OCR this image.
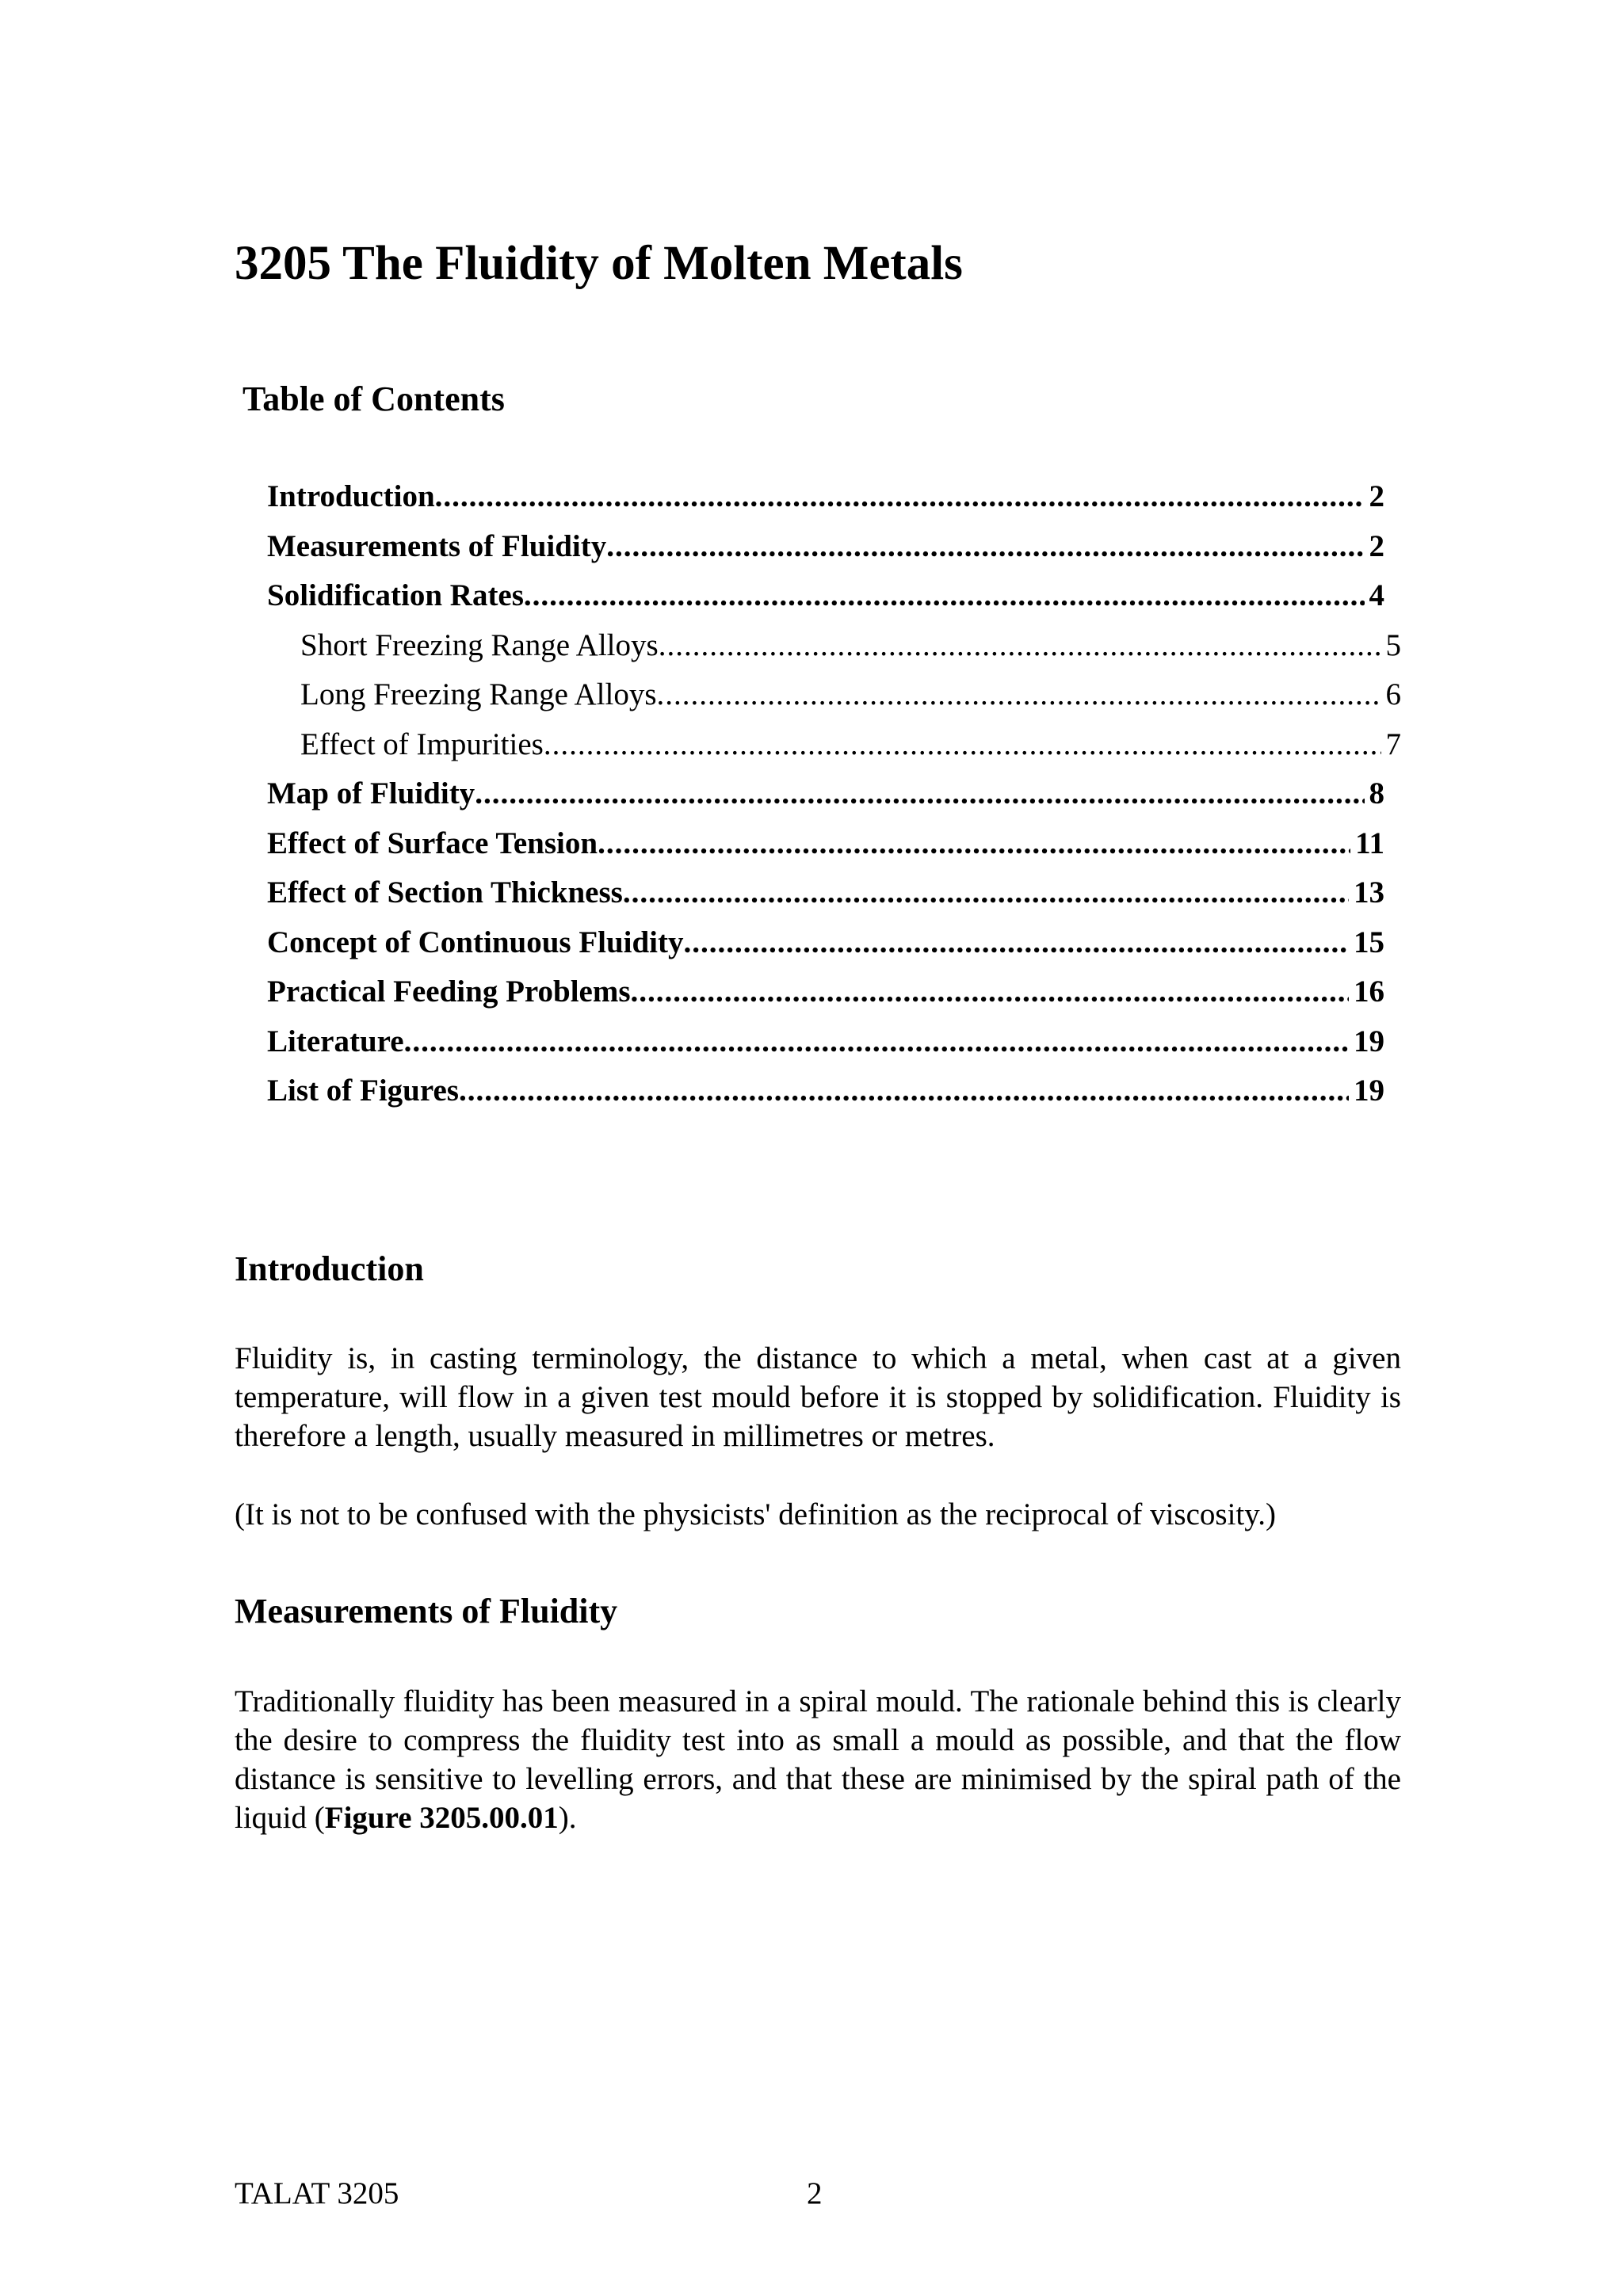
3205 The Fluidity of Molten Metals
Table of Contents
Introduction .....	2
Measurements of Fluidity .....	2
Solidification Rates .....	4
Short Freezing Range Alloys .....	5
Long Freezing Range Alloys .....	6
Effect of Impurities .....	7
Map of Fluidity .....	8
Effect of Surface Tension .....	11
Effect of Section Thickness .....	13
Concept of Continuous Fluidity .....	15
Practical Feeding Problems .....	16
Literature .....	19
List of Figures .....	19
Introduction

Fluidity is, in casting terminology, the distance to which a metal, when cast at a given temperature, will flow in a given test mould before it is stopped by solidification. Fluidity is therefore a length, usually measured in millimetres or metres.

(It is not to be confused with the physicists' definition as the reciprocal of viscosity.)

Measurements of Fluidity

Traditionally fluidity has been measured in a spiral mould. The rationale behind this is clearly the desire to compress the fluidity test into as small a mould as possible, and that the flow distance is sensitive to levelling errors, and that these are minimised by the spiral path of the liquid (Figure 3205.00.01).

TALAT 3205	2
